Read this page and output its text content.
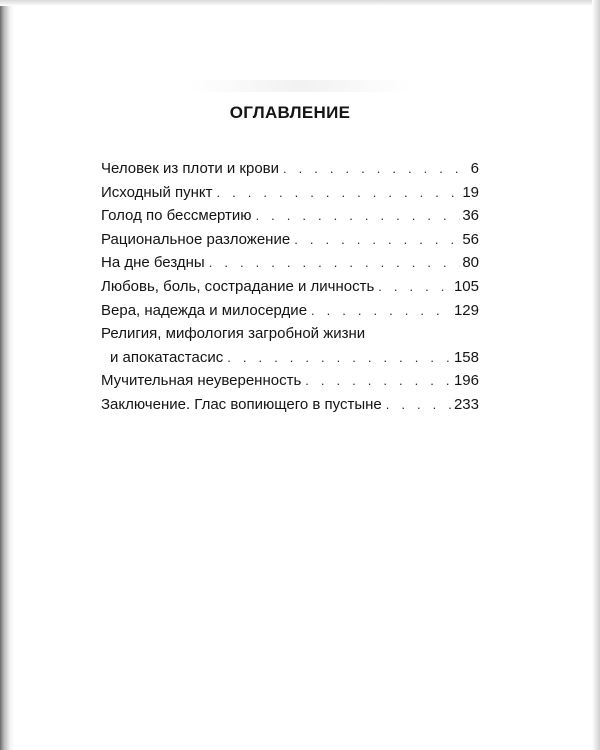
ОГЛАВЛЕНИЕ
Человек из плоти и крови . . .	6
Исходный пункт . . .	19
Голод по бессмертию . . .	36
Рациональное разложение . . .	56
На дне бездны . . .	80
Любовь, боль, сострадание и личность . . .	105
Вера, надежда и милосердие . . .	129
Религия, мифология загробной жизни
и апокатастасис . . .	158
Мучительная неуверенность . . .	196
Заключение. Глас вопиющего в пустыне . . .	233
